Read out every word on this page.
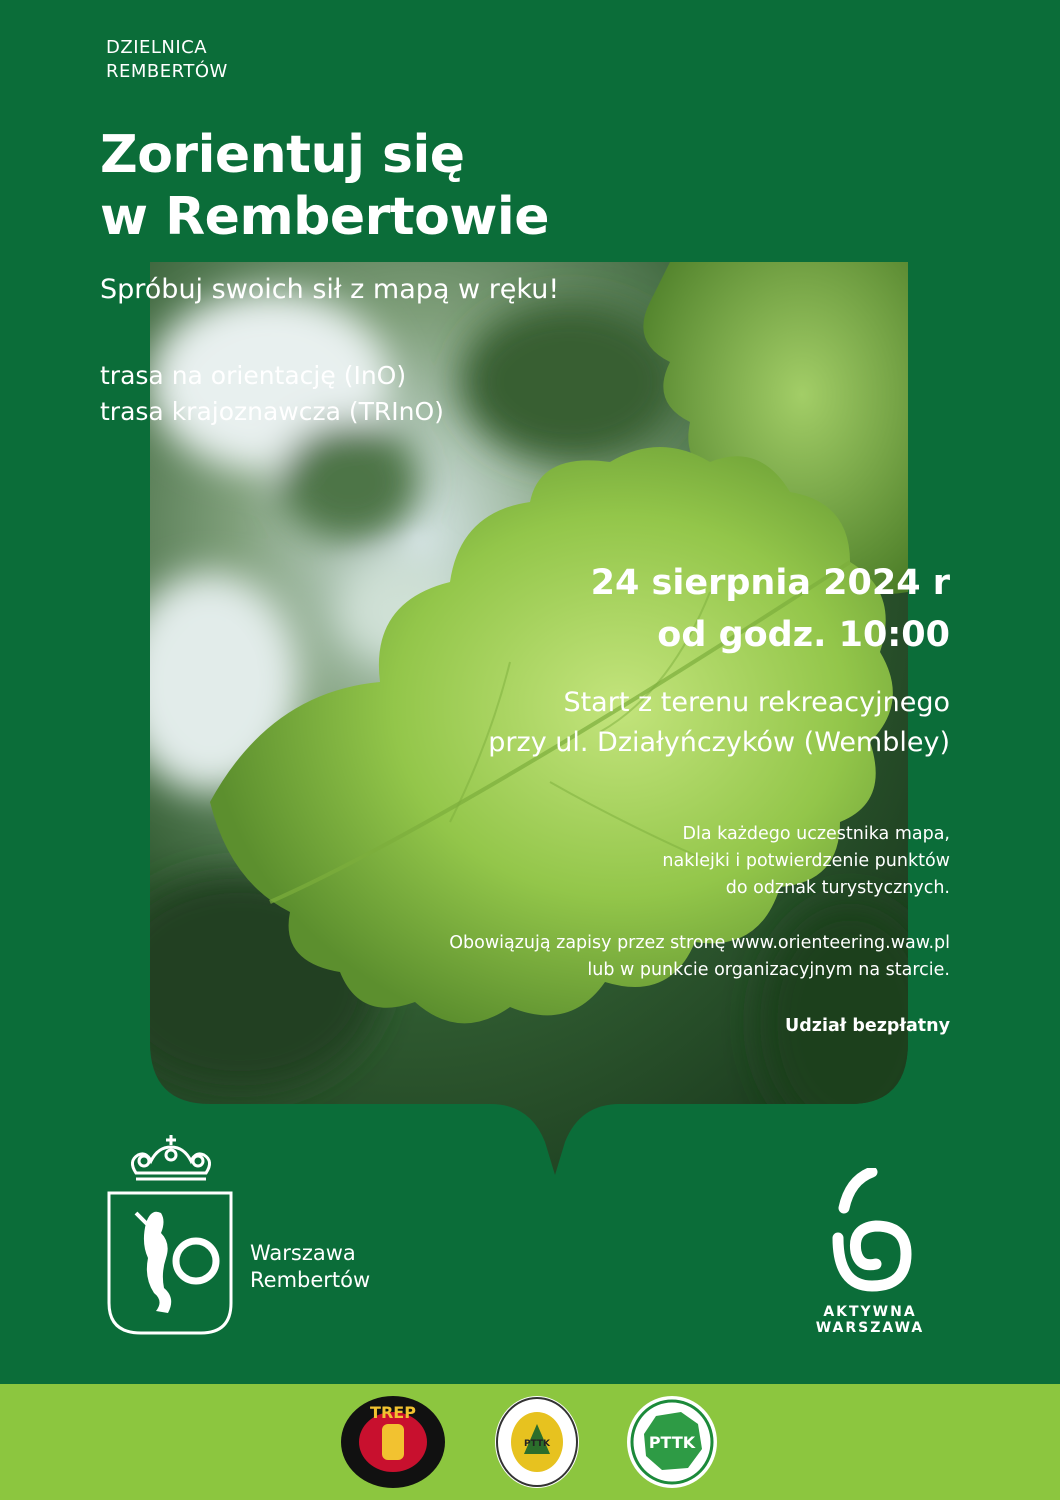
DZIELNICA
REMBERTÓW
Zorientuj się
w Rembertowie
Spróbuj swoich sił z mapą w ręku!
trasa na orientację (InO)
trasa krajoznawcza (TRInO)
24 sierpnia 2024 r
od godz. 10:00
Start z terenu rekreacyjnego
przy ul. Działyńczyków (Wembley)
Dla każdego uczestnika mapa,
naklejki i potwierdzenie punktów
do odznak turystycznych.
Obowiązują zapisy przez stronę www.orienteering.waw.pl
lub w punkcie organizacyjnym na starcie.
Udział bezpłatny
Warszawa
Rembertów
AKTYWNA
WARSZAWA
TREP
PTTK	PTTK
